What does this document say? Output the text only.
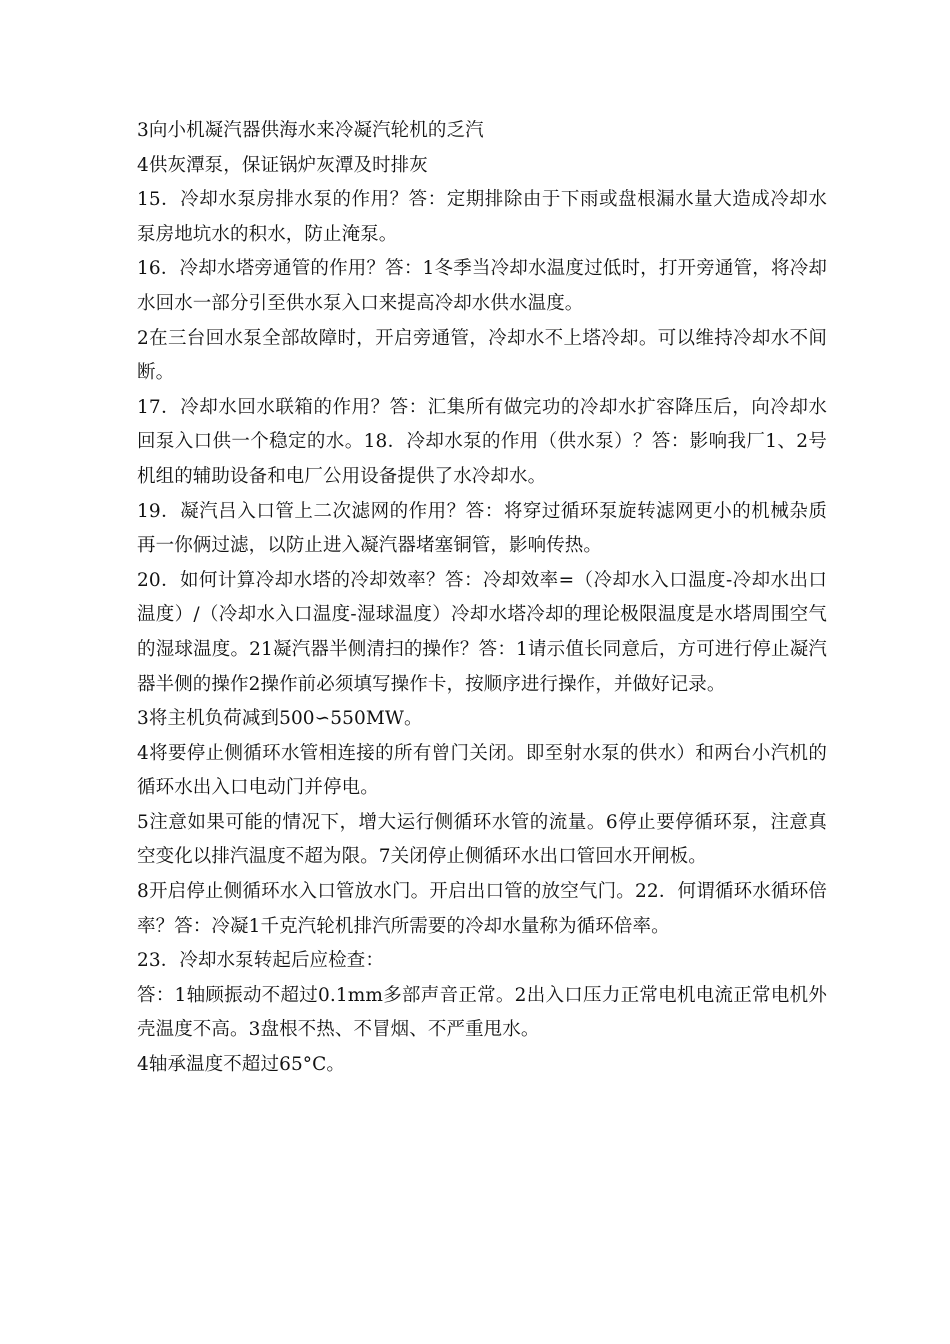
3向小机凝汽器供海水来冷凝汽轮机的乏汽

4供灰潭泵，保证锅炉灰潭及时排灰

15．冷却水泵房排水泵的作用？答：定期排除由于下雨或盘根漏水量大造成冷却水泵房地坑水的积水，防止淹泵。

16．冷却水塔旁通管的作用？答：1冬季当冷却水温度过低时，打开旁通管，将冷却水回水一部分引至供水泵入口来提高冷却水供水温度。

2在三台回水泵全部故障时，开启旁通管，冷却水不上塔冷却。可以维持冷却水不间断。

17．冷却水回水联箱的作用？答：汇集所有做完功的冷却水扩容降压后，向冷却水回泵入口供一个稳定的水。18．冷却水泵的作用（供水泵）？答：影响我厂1、2号机组的辅助设备和电厂公用设备提供了水冷却水。

19．凝汽吕入口管上二次滤网的作用？答：将穿过循环泵旋转滤网更小的机械杂质再一你俩过滤，以防止进入凝汽器堵塞铜管，影响传热。

20．如何计算冷却水塔的冷却效率？答：冷却效率=（冷却水入口温度-冷却水出口温度）/（冷却水入口温度-湿球温度）冷却水塔冷却的理论极限温度是水塔周围空气的湿球温度。21凝汽器半侧清扫的操作？答：1请示值长同意后，方可进行停止凝汽器半侧的操作2操作前必须填写操作卡，按顺序进行操作，并做好记录。

3将主机负荷减到500∽550MW。

4将要停止侧循环水管相连接的所有曾门关闭。即至射水泵的供水）和两台小汽机的循环水出入口电动门并停电。

5注意如果可能的情况下，增大运行侧循环水管的流量。6停止要停循环泵，注意真空变化以排汽温度不超为限。7关闭停止侧循环水出口管回水开闸板。

8开启停止侧循环水入口管放水门。开启出口管的放空气门。22．何谓循环水循环倍率？答：冷凝1千克汽轮机排汽所需要的冷却水量称为循环倍率。

23．冷却水泵转起后应检查：

答：1轴顾振动不超过0.1mm多部声音正常。2出入口压力正常电机电流正常电机外壳温度不高。3盘根不热、不冒烟、不严重甩水。

4轴承温度不超过65°C。
